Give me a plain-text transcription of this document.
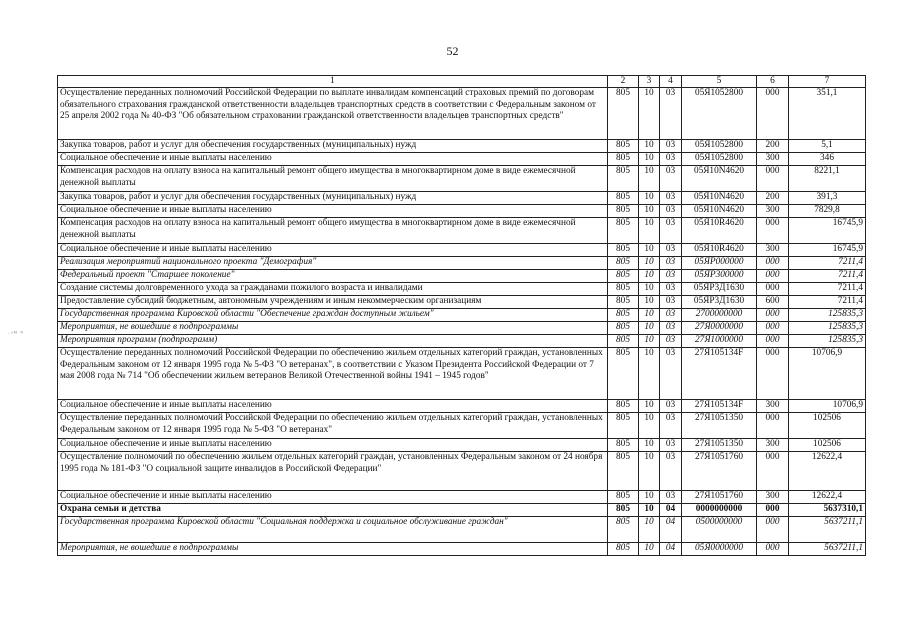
52
·ᵃᴹ ᴺ
1	2	3	4	5	6	7
Осуществление переданных полномочий Российской Федерации по выплате инвалидам компенсаций страховых премий по договорам обязательного страхования гражданской ответственности владельцев транспортных средств в соответствии с Федеральным законом от 25 апреля 2002 года № 40-ФЗ "Об обязательном страховании гражданской ответственности владельцев транспортных средств"	805	10	03	05Я1052800	000	351,1
Закупка товаров, работ и услуг для обеспечения государственных (муниципальных) нужд	805	10	03	05Я1052800	200	5,1
Социальное обеспечение и иные выплаты населению	805	10	03	05Я1052800	300	346
Компенсация расходов на оплату взноса на капитальный ремонт общего имущества в многоквартирном доме в виде ежемесячной денежной выплаты	805	10	03	05Я10N4620	000	8221,1
Закупка товаров, работ и услуг для обеспечения государственных (муниципальных) нужд	805	10	03	05Я10N4620	200	391,3
Социальное обеспечение и иные выплаты населению	805	10	03	05Я10N4620	300	7829,8
Компенсация расходов на оплату взноса на капитальный ремонт общего имущества в многоквартирном доме в виде ежемесячной денежной выплаты	805	10	03	05Я10R4620	000	16745,9
Социальное обеспечение и иные выплаты населению	805	10	03	05Я10R4620	300	16745,9
Реализация мероприятий национального проекта "Демография"	805	10	03	05ЯР000000	000	7211,4
Федеральный проект "Старшее поколение"	805	10	03	05ЯР300000	000	7211,4
Создание системы долговременного ухода за гражданами пожилого возраста и инвалидами	805	10	03	05ЯР3Д1630	000	7211,4
Предоставление субсидий бюджетным, автономным учреждениям и иным некоммерческим организациям	805	10	03	05ЯР3Д1630	600	7211,4
Государственная программа Кировской области "Обеспечение граждан доступным жильем"	805	10	03	2700000000	000	125835,3
Мероприятия, не вошедшие в подпрограммы	805	10	03	27Я0000000	000	125835,3
Мероприятия программ (подпрограмм)	805	10	03	27Я1000000	000	125835,3
Осуществление переданных полномочий Российской Федерации по обеспечению жильем отдельных категорий граждан, установленных Федеральным законом от 12 января 1995 года № 5-ФЗ "О ветеранах", в соответствии с Указом Президента Российской Федерации от 7 мая 2008 года № 714 "Об обеспечении жильем ветеранов Великой Отечественной войны 1941 – 1945 годов"	805	10	03	27Я105134F	000	10706,9
Социальное обеспечение и иные выплаты населению	805	10	03	27Я105134F	300	10706,9
Осуществление переданных полномочий Российской Федерации по обеспечению жильем отдельных категорий граждан, установленных Федеральным законом от 12 января 1995 года № 5-ФЗ "О ветеранах"	805	10	03	27Я1051350	000	102506
Социальное обеспечение и иные выплаты населению	805	10	03	27Я1051350	300	102506
Осуществление полномочий по обеспечению жильем отдельных категорий граждан, установленных Федеральным законом от 24 ноября 1995 года № 181-ФЗ "О социальной защите инвалидов в Российской Федерации"	805	10	03	27Я1051760	000	12622,4
Социальное обеспечение и иные выплаты населению	805	10	03	27Я1051760	300	12622,4
Охрана семьи и детства	805	10	04	0000000000	000	5637310,1
Государственная программа Кировской области "Социальная поддержка и социальное обслуживание граждан"	805	10	04	0500000000	000	5637211,1
Мероприятия, не вошедшие в подпрограммы	805	10	04	05Я0000000	000	5637211,1
